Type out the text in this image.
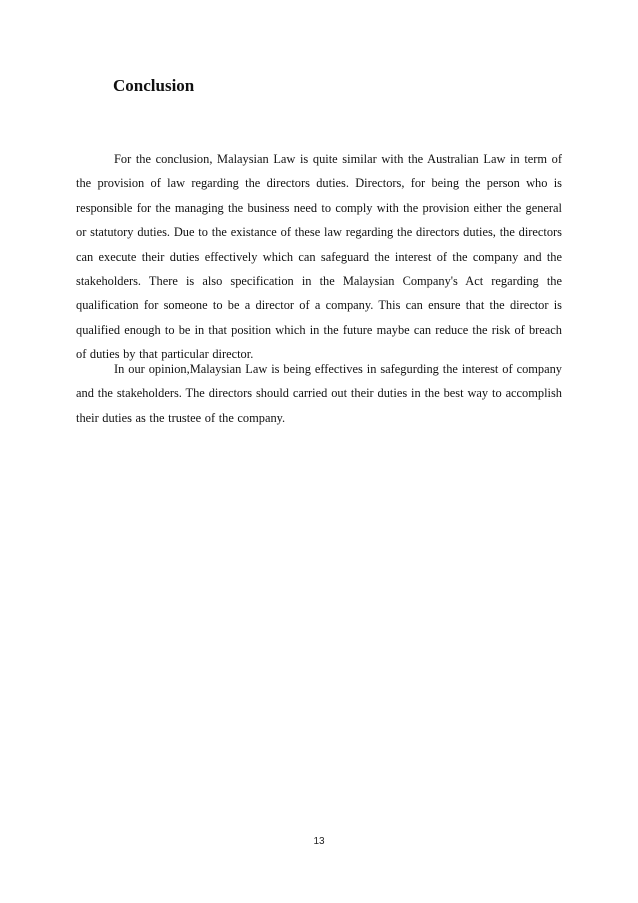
Conclusion

For the conclusion, Malaysian Law is quite similar with the Australian Law in term of the provision of law regarding the directors duties. Directors, for being the person who is responsible for the managing the business need to comply with the provision either the general or statutory duties. Due to the existance of these law regarding the directors duties, the directors can execute their duties effectively which can safeguard the interest of the company and the stakeholders. There is also specification in the Malaysian Company's Act regarding the qualification for someone to be a director of a company. This can ensure that the director is qualified enough to be in that position which in the future maybe can reduce the risk of breach of duties by that particular director.

In our opinion,Malaysian Law is being effectives in safegurding the interest of company and the stakeholders. The directors should carried out their duties in the best way to accomplish their duties as the trustee of the company.

13
